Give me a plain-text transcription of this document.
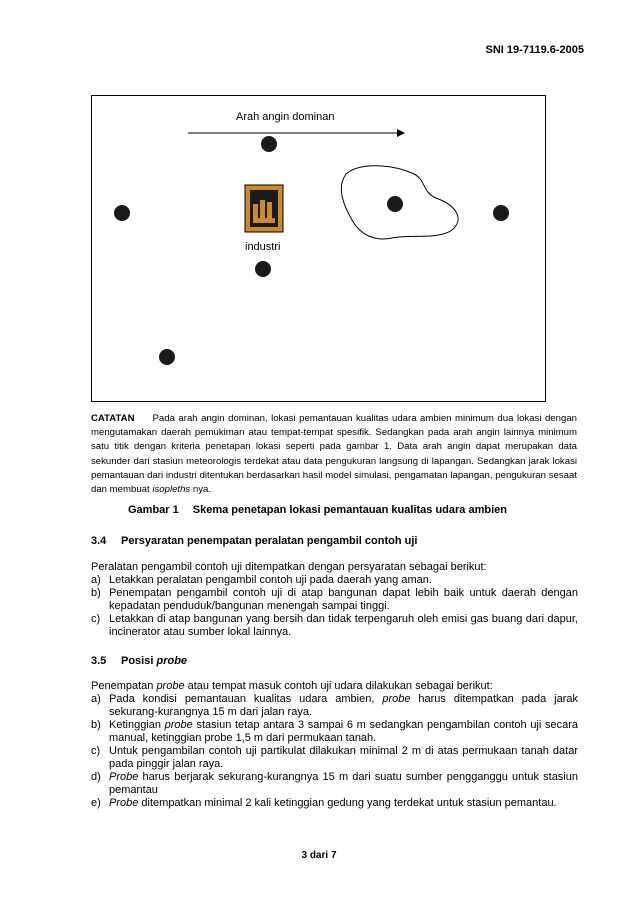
SNI 19-7119.6-2005
Arah angin dominan
industri
CATATAN Pada arah angin dominan, lokasi pemantauan kualitas udara ambien minimum dua lokasi dengan mengutamakan daerah pemukiman atau tempat-tempat spesifik. Sedangkan pada arah angin lainnya minimum satu titik dengan kriteria penetapan lokasi seperti pada gambar 1. Data arah angin dapat merupakan data sekunder dari stasiun meteorologis terdekat atau data pengukuran langsung di lapangan. Sedangkan jarak lokasi pemantauan dari industri ditentukan berdasarkan hasil model simulasi, pengamatan lapangan, pengukuran sesaat dan membuat isopleths nya.
Gambar 1 Skema penetapan lokasi pemantauan kualitas udara ambien
3.4 Persyaratan penempatan peralatan pengambil contoh uji
Peralatan pengambil contoh uji ditempatkan dengan persyaratan sebagai berikut:
a) Letakkan peralatan pengambil contoh uji pada daerah yang aman.
b) Penempatan pengambil contoh uji di atap bangunan dapat lebih baik untuk daerah dengan kepadatan penduduk/bangunan menengah sampai tinggi.
c) Letakkan di atap bangunan yang bersih dan tidak terpengaruh oleh emisi gas buang dari dapur, incinerator atau sumber lokal lainnya.
3.5 Posisi probe
Penempatan probe atau tempat masuk contoh uji udara dilakukan sebagai berikut:
a) Pada kondisi pemantauan kualitas udara ambien, probe harus ditempatkan pada jarak sekurang-kurangnya 15 m dari jalan raya.
b) Ketinggian probe stasiun tetap antara 3 sampai 6 m sedangkan pengambilan contoh uji secara manual, ketinggian probe 1,5 m dari permukaan tanah.
c) Untuk pengambilan contoh uji partikulat dilakukan minimal 2 m di atas permukaan tanah datar pada pinggir jalan raya.
d) Probe harus berjarak sekurang-kurangnya 15 m dari suatu sumber pengganggu untuk stasiun pemantau
e) Probe ditempatkan minimal 2 kali ketinggian gedung yang terdekat untuk stasiun pemantau.
3 dari 7
